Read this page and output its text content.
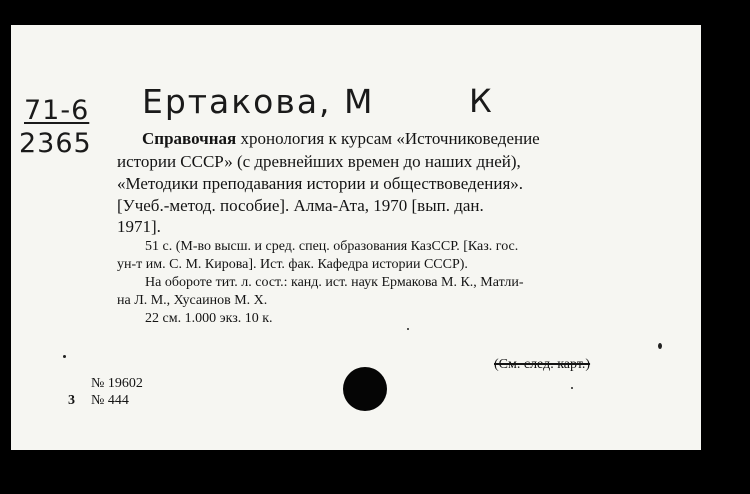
71-6
2365
Ертакова, М	К
Справочная хронология к курсам «Источниковедение
истории СССР» (с древнейших времен до наших дней),
«Методики преподавания истории и обществоведения».
[Учеб.-метод. пособие]. Алма-Ата, 1970 [вып. дан.
1971].
51 с. (М-во высш. и сред. спец. образования КазССР. [Каз. гос.
ун-т им. С. М. Кирова]. Ист. фак. Кафедра истории СССР).
На обороте тит. л. сост.: канд. ист. наук Ермакова М. К., Матли-
на Л. М., Хусаинов М. Х.
22 см. 1.000 экз. 10 к.
(См. след. карт.)
№ 19602
3 № 444
